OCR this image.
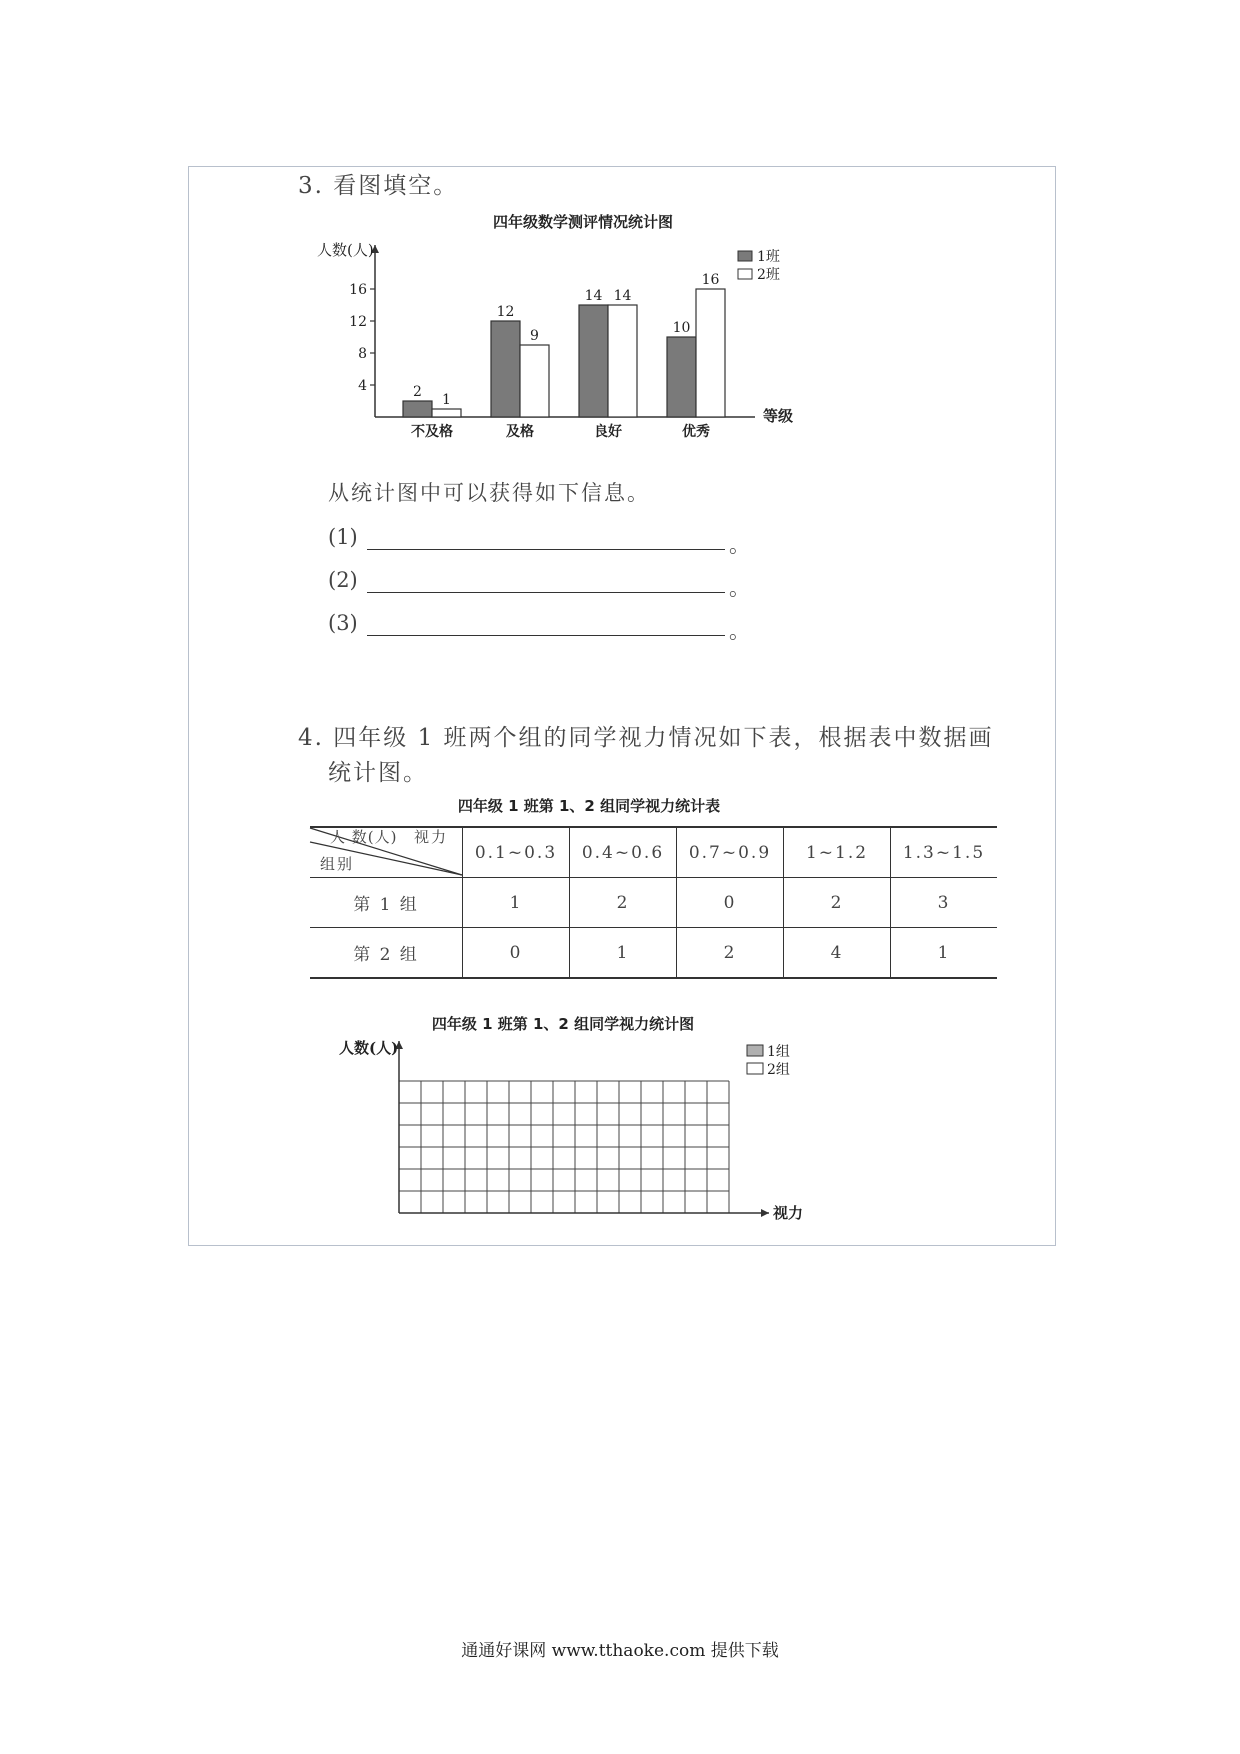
3. 看图填空。
四年级数学测评情况统计图
人数(人)
等级
4
8
12
16
2 1
不及格
12
9
及格
14 14
良好
10
16
优秀
1班
2班
从统计图中可以获得如下信息。
(1)	。
(2)	。
(3)	。
4. 四年级 1 班两个组的同学视力情况如下表，根据表中数据画
统计图。
四年级 1 班第 1、2 组同学视力统计表
人 数(人) 视力
组别	0.1~0.3	0.4~0.6	0.7~0.9	1~1.2	1.3~1.5
第 1 组	1	2	0	2	3
第 2 组	0	1	2	4	1
四年级 1 班第 1、2 组同学视力统计图
人数(人)
视力
1组
2组
通通好课网 www.tthaoke.com 提供下载
